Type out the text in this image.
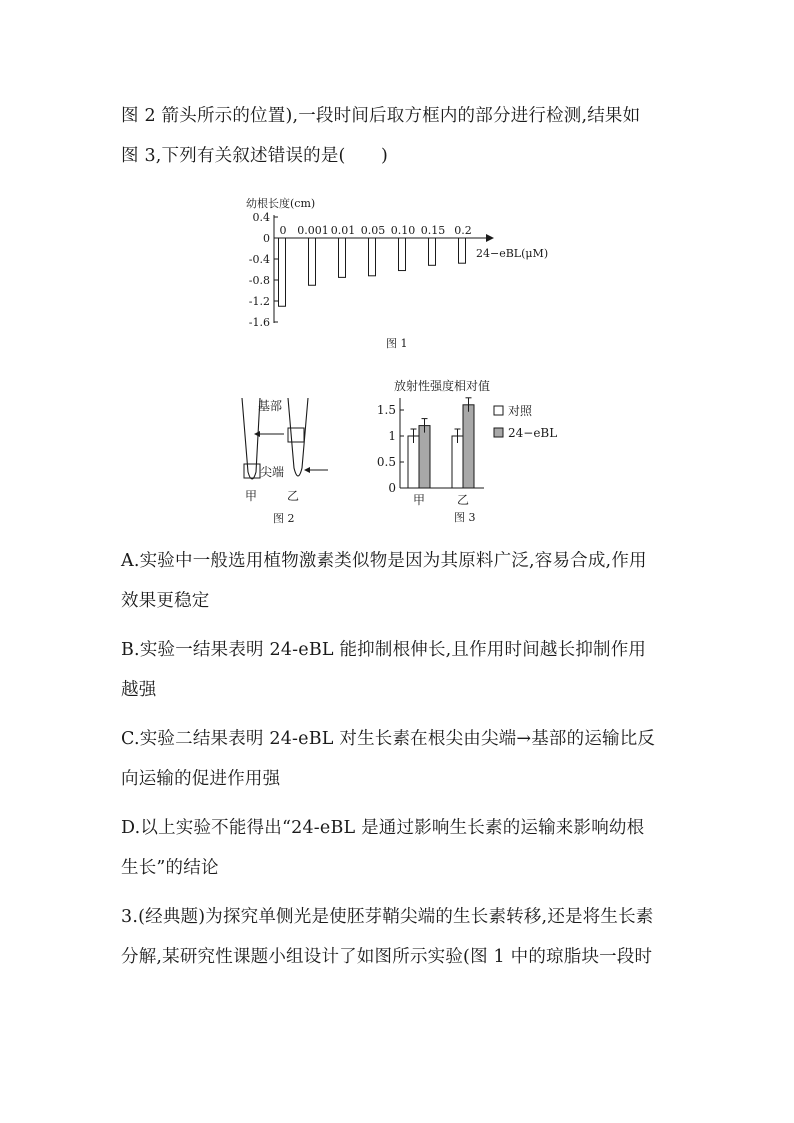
图 2 箭头所示的位置),一段时间后取方框内的部分进行检测,结果如
图 3,下列有关叙述错误的是(　　)
幼根长度(cm)
24−eBL(μM)
0.4
0
-0.4
-0.8
-1.2
-1.6
0 0.001 0.01 0.05 0.10 0.15 0.2
图 1
基部
尖端
甲 乙
图 2
放射性强度相对值
1.5
1
0.5
0
甲	乙
对照
24−eBL
图 3
A.实验中一般选用植物激素类似物是因为其原料广泛,容易合成,作用
效果更稳定
B.实验一结果表明 24-eBL 能抑制根伸长,且作用时间越长抑制作用
越强
C.实验二结果表明 24-eBL 对生长素在根尖由尖端→基部的运输比反
向运输的促进作用强
D.以上实验不能得出“24-eBL 是通过影响生长素的运输来影响幼根
生长”的结论
3.(经典题)为探究单侧光是使胚芽鞘尖端的生长素转移,还是将生长素
分解,某研究性课题小组设计了如图所示实验(图 1 中的琼脂块一段时
